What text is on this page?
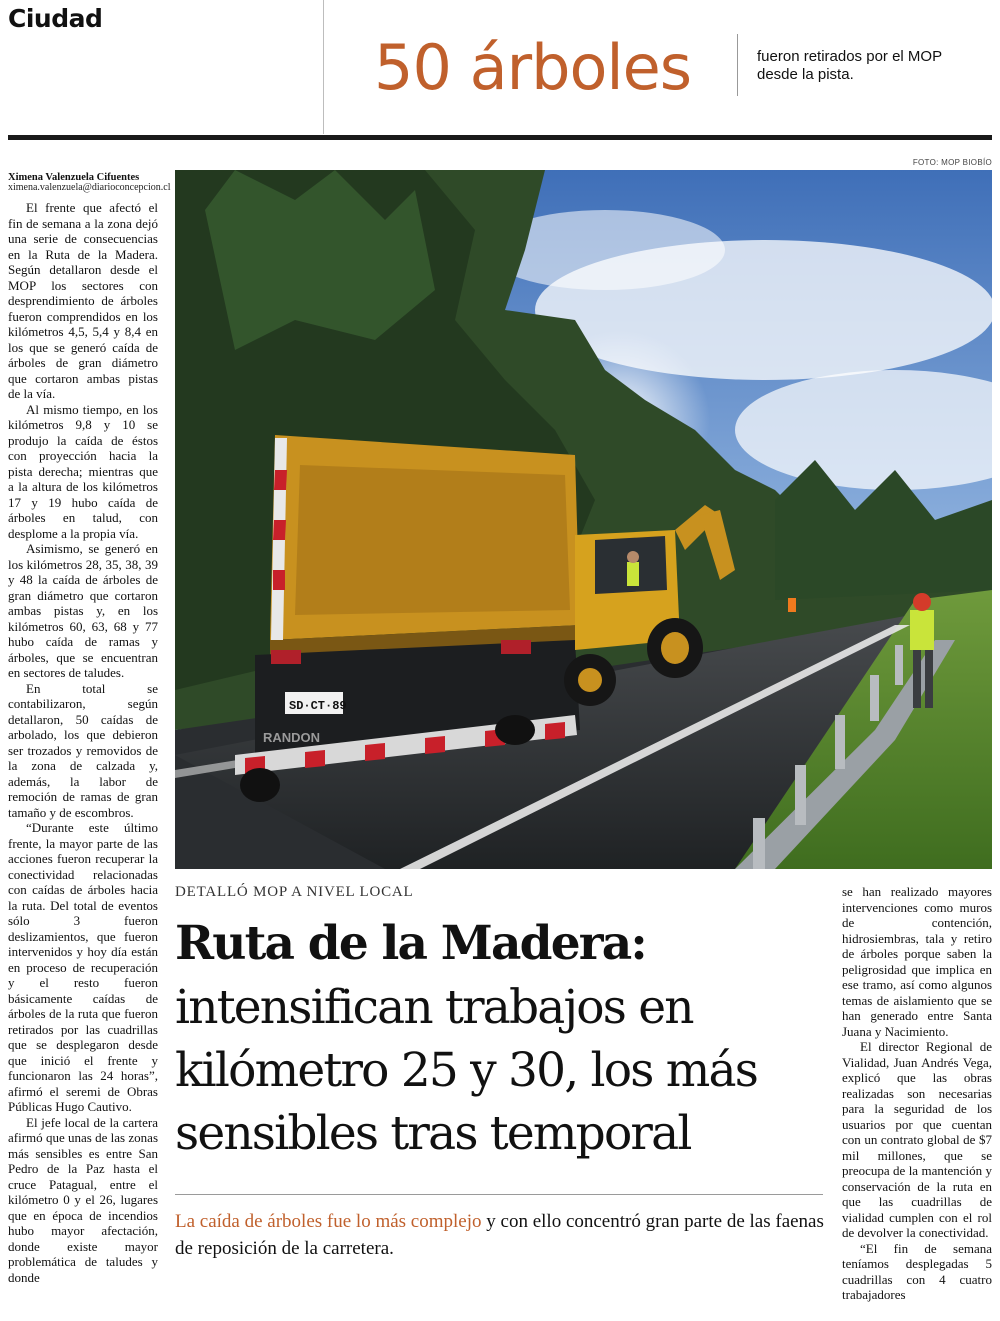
Ciudad
50 árboles	fueron retirados por el MOP desde la pista.
Ximena Valenzuela Cifuentes
ximena.valenzuela@diarioconcepcion.cl
FOTO: MOP BIOBÍO

El frente que afectó el fin de semana a la zona dejó una serie de consecuencias en la Ruta de la Madera. Según detallaron desde el MOP los sectores con desprendimiento de árboles fueron comprendidos en los kilómetros 4,5, 5,4 y 8,4 en los que se generó caída de árboles de gran diámetro que cortaron ambas pistas de la vía.

Al mismo tiempo, en los kilómetros 9,8 y 10 se produjo la caída de éstos con proyección hacia la pista derecha; mientras que a la altura de los kilómetros 17 y 19 hubo caída de árboles en talud, con desplome a la propia vía.

Asimismo, se generó en los kilómetros 28, 35, 38, 39 y 48 la caída de árboles de gran diámetro que cortaron ambas pistas y, en los kilómetros 60, 63, 68 y 77 hubo caída de ramas y árboles, que se encuentran en sectores de taludes.

En total se contabilizaron, según detallaron, 50 caídas de arbolado, los que debieron ser trozados y removidos de la zona de calzada y, además, la labor de remoción de ramas de gran tamaño y de escombros.

“Durante este último frente, la mayor parte de las acciones fueron recuperar la conectividad relacionadas con caídas de árboles hacia la ruta. Del total de eventos sólo 3 fueron deslizamientos, que fueron intervenidos y hoy día están en proceso de recuperación y el resto fueron básicamente caídas de árboles de la ruta que fueron retirados por las cuadrillas que se desplegaron desde que inició el frente y funcionaron las 24 horas”, afirmó el seremi de Obras Públicas Hugo Cautivo.

El jefe local de la cartera afirmó que unas de las zonas más sensibles es entre San Pedro de la Paz hasta el cruce Patagual, entre el kilómetro 0 y el 26, lugares que en época de incendios hubo mayor afectación, donde existe mayor problemática de taludes y donde

SD·CT·89
RANDON
DETALLÓ MOP A NIVEL LOCAL
Ruta de la Madera:
intensifican trabajos en kilómetro 25 y 30, los más sensibles tras temporal
La caída de árboles fue lo más complejo y con ello concentró gran parte de las faenas de reposición de la carretera.

se han realizado mayores intervenciones como muros de contención, hidrosiembras, tala y retiro de árboles porque saben la peligrosidad que implica en ese tramo, así como algunos temas de aislamiento que se han generado entre Santa Juana y Nacimiento.

El director Regional de Vialidad, Juan Andrés Vega, explicó que las obras realizadas son necesarias para la seguridad de los usuarios por que cuentan con un contrato global de $7 mil millones, que se preocupa de la mantención y conservación de la ruta en que las cuadrillas de vialidad cumplen con el rol de devolver la conectividad.

“El fin de semana teníamos desplegadas 5 cuadrillas con 4 cuatro trabajadores
